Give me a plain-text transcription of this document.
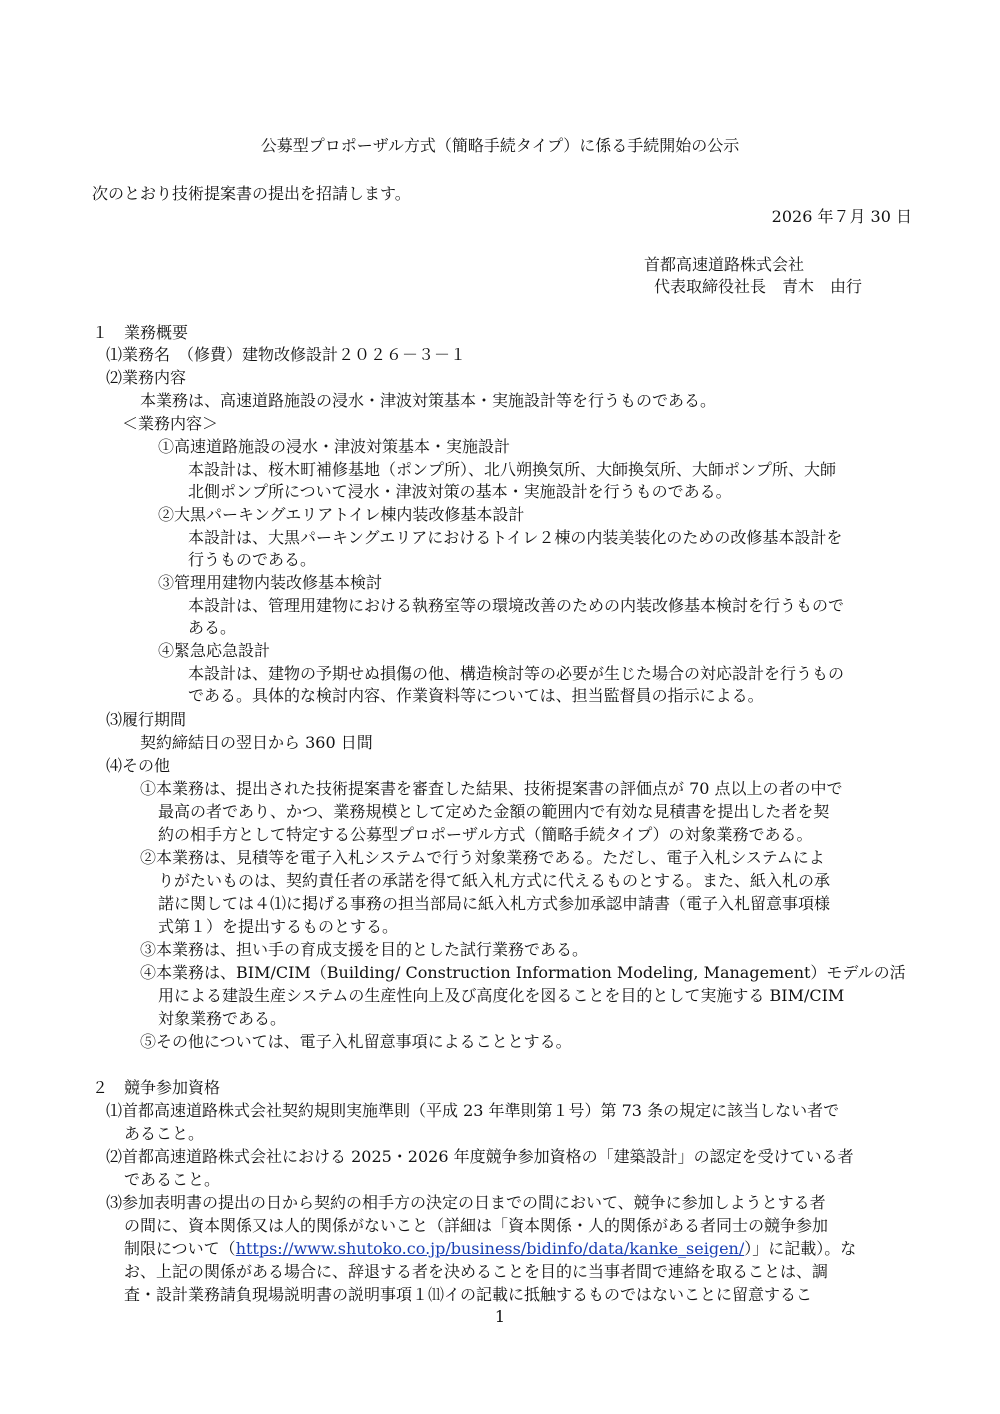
公募型プロポーザル方式（簡略手続タイプ）に係る手続開始の公示
次のとおり技術提案書の提出を招請します。
2026 年７月 30 日
首都高速道路株式会社
代表取締役社長　青木　由行
１　業務概要
⑴業務名　（修費）建物改修設計２０２６－３－１
⑵業務内容
本業務は、高速道路施設の浸水・津波対策基本・実施設計等を行うものである。
＜業務内容＞
①高速道路施設の浸水・津波対策基本・実施設計
本設計は、桜木町補修基地（ポンプ所）、北八朔換気所、大師換気所、大師ポンプ所、大師
北側ポンプ所について浸水・津波対策の基本・実施設計を行うものである。
②大黒パーキングエリアトイレ棟内装改修基本設計
本設計は、大黒パーキングエリアにおけるトイレ２棟の内装美装化のための改修基本設計を
行うものである。
③管理用建物内装改修基本検討
本設計は、管理用建物における執務室等の環境改善のための内装改修基本検討を行うもので
ある。
④緊急応急設計
本設計は、建物の予期せぬ損傷の他、構造検討等の必要が生じた場合の対応設計を行うもの
である。具体的な検討内容、作業資料等については、担当監督員の指示による。
⑶履行期間
契約締結日の翌日から 360 日間
⑷その他
①本業務は、提出された技術提案書を審査した結果、技術提案書の評価点が 70 点以上の者の中で
最高の者であり、かつ、業務規模として定めた金額の範囲内で有効な見積書を提出した者を契
約の相手方として特定する公募型プロポーザル方式（簡略手続タイプ）の対象業務である。
②本業務は、見積等を電子入札システムで行う対象業務である。ただし、電子入札システムによ
りがたいものは、契約責任者の承諾を得て紙入札方式に代えるものとする。また、紙入札の承
諾に関しては４⑴に掲げる事務の担当部局に紙入札方式参加承認申請書（電子入札留意事項様
式第１）を提出するものとする。
③本業務は、担い手の育成支援を目的とした試行業務である。
④本業務は、BIM/CIM（Building/ Construction Information Modeling, Management）モデルの活
用による建設生産システムの生産性向上及び高度化を図ることを目的として実施する BIM/CIM
対象業務である。
⑤その他については、電子入札留意事項によることとする。
２　競争参加資格
⑴首都高速道路株式会社契約規則実施準則（平成 23 年準則第１号）第 73 条の規定に該当しない者で
あること。
⑵首都高速道路株式会社における 2025・2026 年度競争参加資格の「建築設計」の認定を受けている者
であること。
⑶参加表明書の提出の日から契約の相手方の決定の日までの間において、競争に参加しようとする者
の間に、資本関係又は人的関係がないこと（詳細は「資本関係・人的関係がある者同士の競争参加
制限について（https://www.shutoko.co.jp/business/bidinfo/data/kanke_seigen/）」に記載）。な
お、上記の関係がある場合に、辞退する者を決めることを目的に当事者間で連絡を取ることは、調
査・設計業務請負現場説明書の説明事項１⑾イの記載に抵触するものではないことに留意するこ
1
